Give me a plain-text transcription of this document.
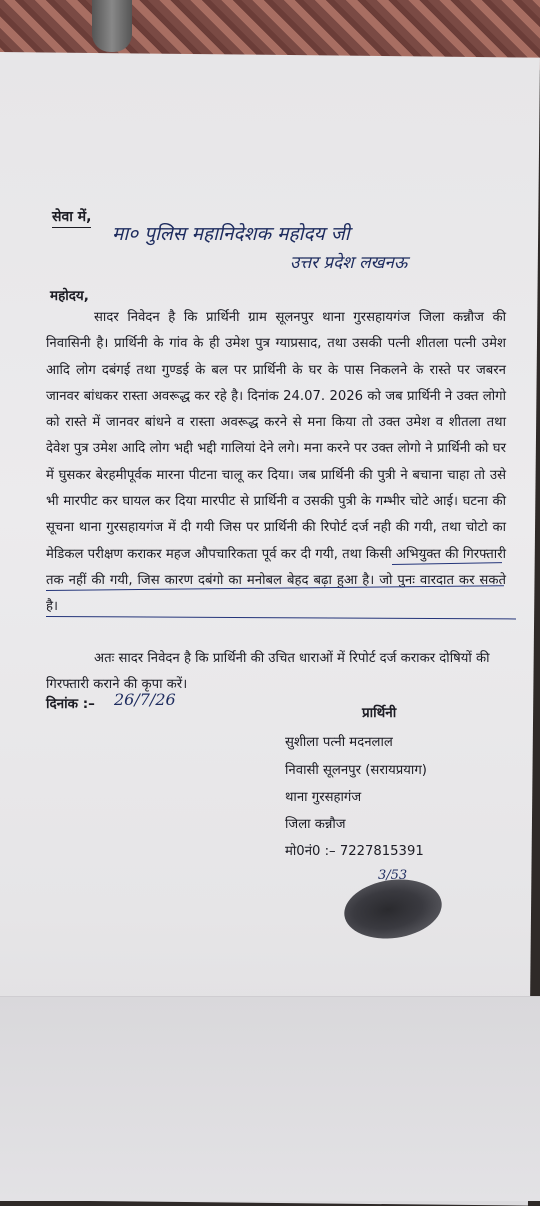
सेवा में,
मा० पुलिस महानिदेशक महोदय जी
उत्तर प्रदेश लखनऊ
महोदय,
सादर निवेदन है कि प्रार्थिनी ग्राम सूलनपुर थाना गुरसहायगंज जिला कन्नौज की निवासिनी है। प्रार्थिनी के गांव के ही उमेश पुत्र ग्याप्रसाद, तथा उसकी पत्नी शीतला पत्नी उमेश आदि लोग दबंगई तथा गुण्डई के बल पर प्रार्थिनी के घर के पास निकलने के रास्ते पर जबरन जानवर बांधकर रास्ता अवरूद्ध कर रहे है। दिनांक 24.07. 2026 को जब प्रार्थिनी ने उक्त लोगो को रास्ते में जानवर बांधने व रास्ता अवरूद्ध करने से मना किया तो उक्त उमेश व शीतला तथा देवेश पुत्र उमेश आदि लोग भद्दी भद्दी गालियां देने लगे। मना करने पर उक्त लोगो ने प्रार्थिनी को घर में घुसकर बेरहमीपूर्वक मारना पीटना चालू कर दिया। जब प्रार्थिनी की पुत्री ने बचाना चाहा तो उसे भी मारपीट कर घायल कर दिया मारपीट से प्रार्थिनी व उसकी पुत्री के गम्भीर चोटे आई। घटना की सूचना थाना गुरसहायगंज में दी गयी जिस पर प्रार्थिनी की रिपोर्ट दर्ज नही की गयी, तथा चोटो का मेडिकल परीक्षण कराकर महज औपचारिकता पूर्व कर दी गयी, तथा किसी अभियुक्त की गिरफ्तारी तक नहीं की गयी, जिस कारण दबंगो का मनोबल बेहद बढ़ा हुआ है। जो पुनः वारदात कर सकते है।
अतः सादर निवेदन है कि प्रार्थिनी की उचित धाराओं में रिपोर्ट दर्ज कराकर दोषियों की गिरफ्तारी कराने की कृपा करें।
दिनांक :– 26/7/26
प्रार्थिनी
सुशीला पत्नी मदनलाल
निवासी सूलनपुर (सरायप्रयाग)
थाना गुरसहागंज
जिला कन्नौज
मो0नं0 :– 7227815391
3/53
